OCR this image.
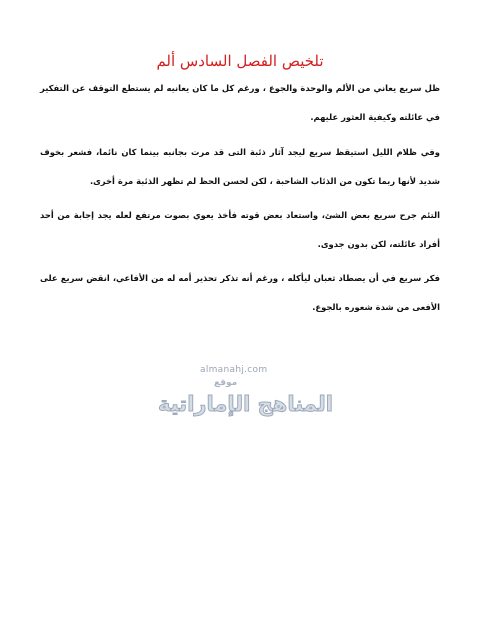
تلخيص الفصل السادس ألم

ظل سريع يعاني من الألم والوحدة والجوع ، ورغم كل ما كان يعانيه لم يستطع التوقف عن التفكير في عائلته وكيفية العثور عليهم.

وفي ظلام الليل استيقظ سريع ليجد آثار ذئبة التى قد مرت بجانبه بينما كان نائما، فشعر بخوف شديد لأنها ربما تكون من الذئاب الشاحبة ، لكن لحسن الحظ لم تظهر الذئبة مرة أخرى.

التئم جرح سريع بعض الشئ، واستعاد بعض قوته فأخذ يعوي بصوت مرتفع لعله يجد إجابة من أحد أفراد عائلته، لكن بدون جدوى.

فكر سريع في أن يصطاد ثعبان ليأكله ، ورغم أنه تذكر تحذير أمه له من الأفاعي، انقض سريع على الأفعى من شدة شعوره بالجوع.

almanahj.com
موقع
المناهج الإماراتية
